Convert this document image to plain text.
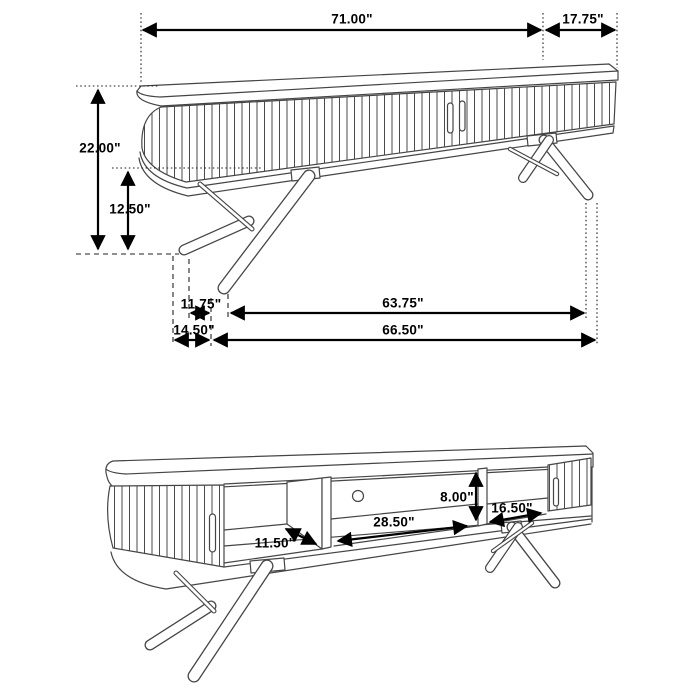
71.00"	17.75"
22.00"
12.50"
11.75"	63.75"
14.50"	66.50"
8.00"
16.50"
28.50"
11.50"
